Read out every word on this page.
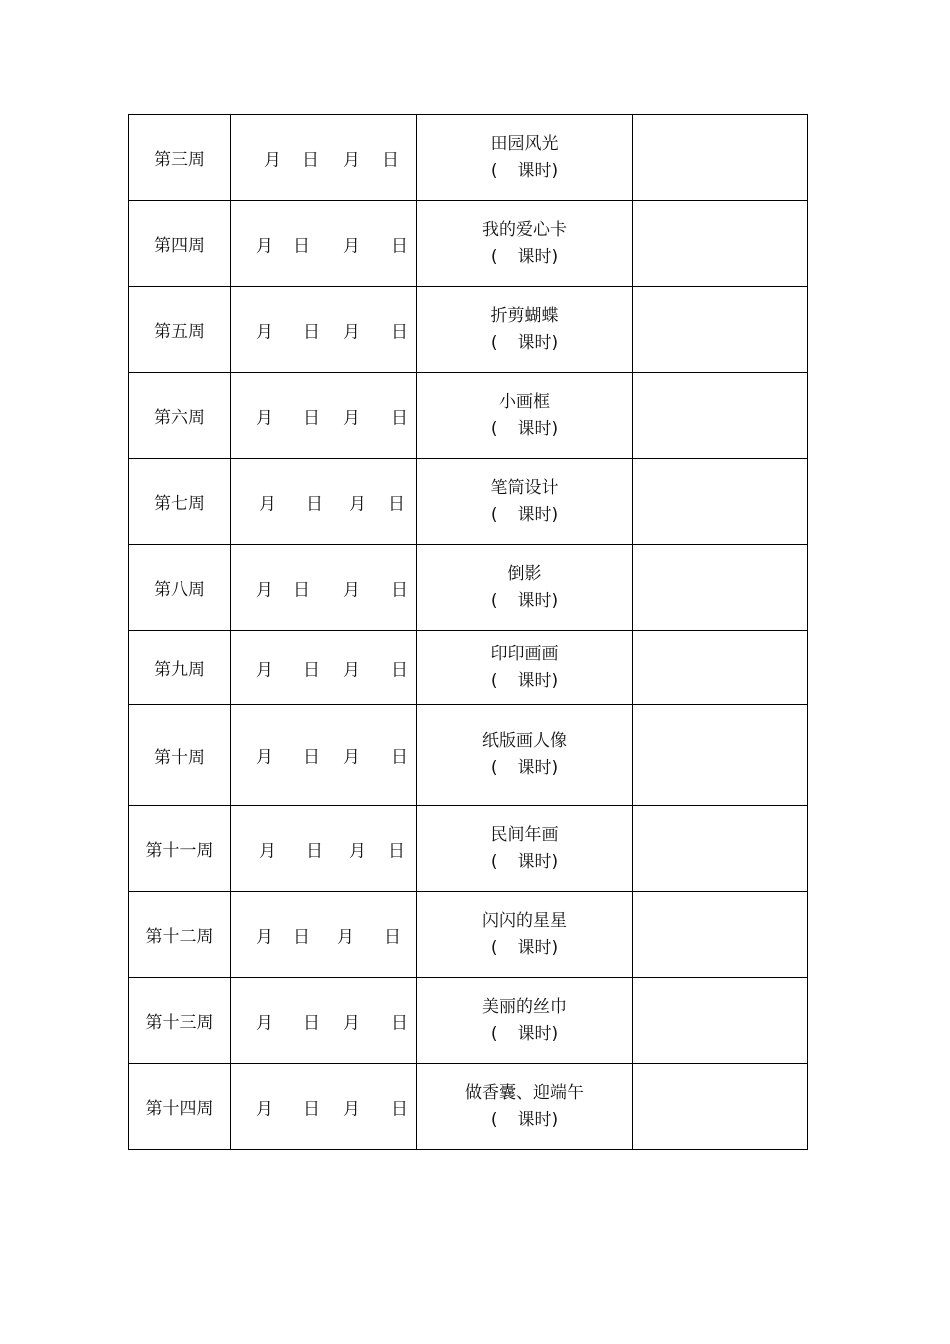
第三周	月 日 月 日	田园风光
( 课时)	

第四周	月 日 月 日	我的爱心卡
( 课时)	

第五周	月 日 月 日	折剪蝴蝶
( 课时)	

第六周	月 日 月 日	小画框
( 课时)	

第七周	月 日 月 日	笔筒设计
( 课时)	

第八周	月 日 月 日	倒影
( 课时)	

第九周	月 日 月 日	印印画画
( 课时)	

第十周	月 日 月 日	纸版画人像
( 课时)	

第十一周	月 日 月 日	民间年画
( 课时)	

第十二周	月 日 月 日	闪闪的星星
( 课时)	

第十三周	月 日 月 日	美丽的丝巾
( 课时)	

第十四周	月 日 月 日	做香囊、迎端午
( 课时)	
